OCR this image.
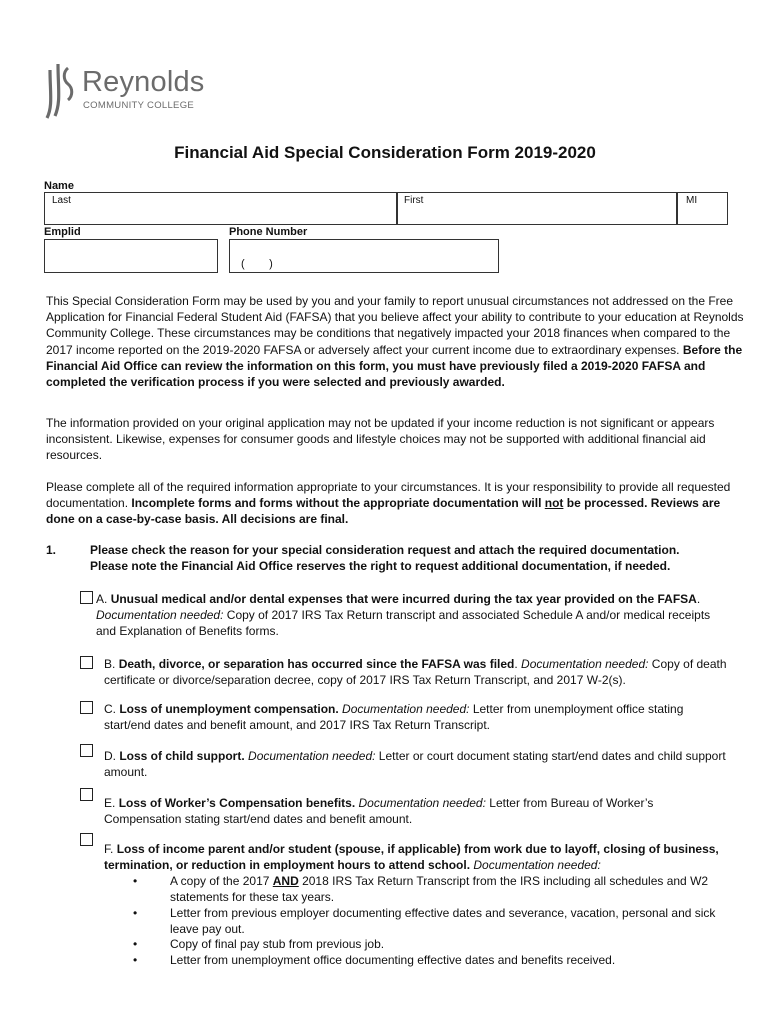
Reynolds
COMMUNITY COLLEGE
Financial Aid Special Consideration Form 2019-2020
Name
Last	First	MI
Emplid	Phone Number
(        )
This Special Consideration Form may be used by you and your family to report unusual circumstances not addressed on the Free Application for Financial Federal Student Aid (FAFSA) that you believe affect your ability to contribute to your education at Reynolds Community College. These circumstances may be conditions that negatively impacted your 2018 finances when compared to the 2017 income reported on the 2019-2020 FAFSA or adversely affect your current income due to extraordinary expenses. Before the Financial Aid Office can review the information on this form, you must have previously filed a 2019-2020 FAFSA and completed the verification process if you were selected and previously awarded.
The information provided on your original application may not be updated if your income reduction is not significant or appears inconsistent. Likewise, expenses for consumer goods and lifestyle choices may not be supported with additional financial aid resources.
Please complete all of the required information appropriate to your circumstances. It is your responsibility to provide all requested documentation. Incomplete forms and forms without the appropriate documentation will not be processed. Reviews are done on a case-by-case basis. All decisions are final.
1.	Please check the reason for your special consideration request and attach the required documentation.
Please note the Financial Aid Office reserves the right to request additional documentation, if needed.
A. Unusual medical and/or dental expenses that were incurred during the tax year provided on the FAFSA. Documentation needed: Copy of 2017 IRS Tax Return transcript and associated Schedule A and/or medical receipts and Explanation of Benefits forms.
B. Death, divorce, or separation has occurred since the FAFSA was filed. Documentation needed: Copy of death certificate or divorce/separation decree, copy of 2017 IRS Tax Return Transcript, and 2017 W-2(s).
C. Loss of unemployment compensation. Documentation needed: Letter from unemployment office stating start/end dates and benefit amount, and 2017 IRS Tax Return Transcript.
D. Loss of child support. Documentation needed: Letter or court document stating start/end dates and child support amount.
E. Loss of Worker’s Compensation benefits. Documentation needed: Letter from Bureau of Worker’s Compensation stating start/end dates and benefit amount.
F. Loss of income parent and/or student (spouse, if applicable) from work due to layoff, closing of business, termination, or reduction in employment hours to attend school. Documentation needed:
•	A copy of the 2017 AND 2018 IRS Tax Return Transcript from the IRS including all schedules and W2 statements for these tax years.
•	Letter from previous employer documenting effective dates and severance, vacation, personal and sick leave pay out.
•	Copy of final pay stub from previous job.
•	Letter from unemployment office documenting effective dates and benefits received.
